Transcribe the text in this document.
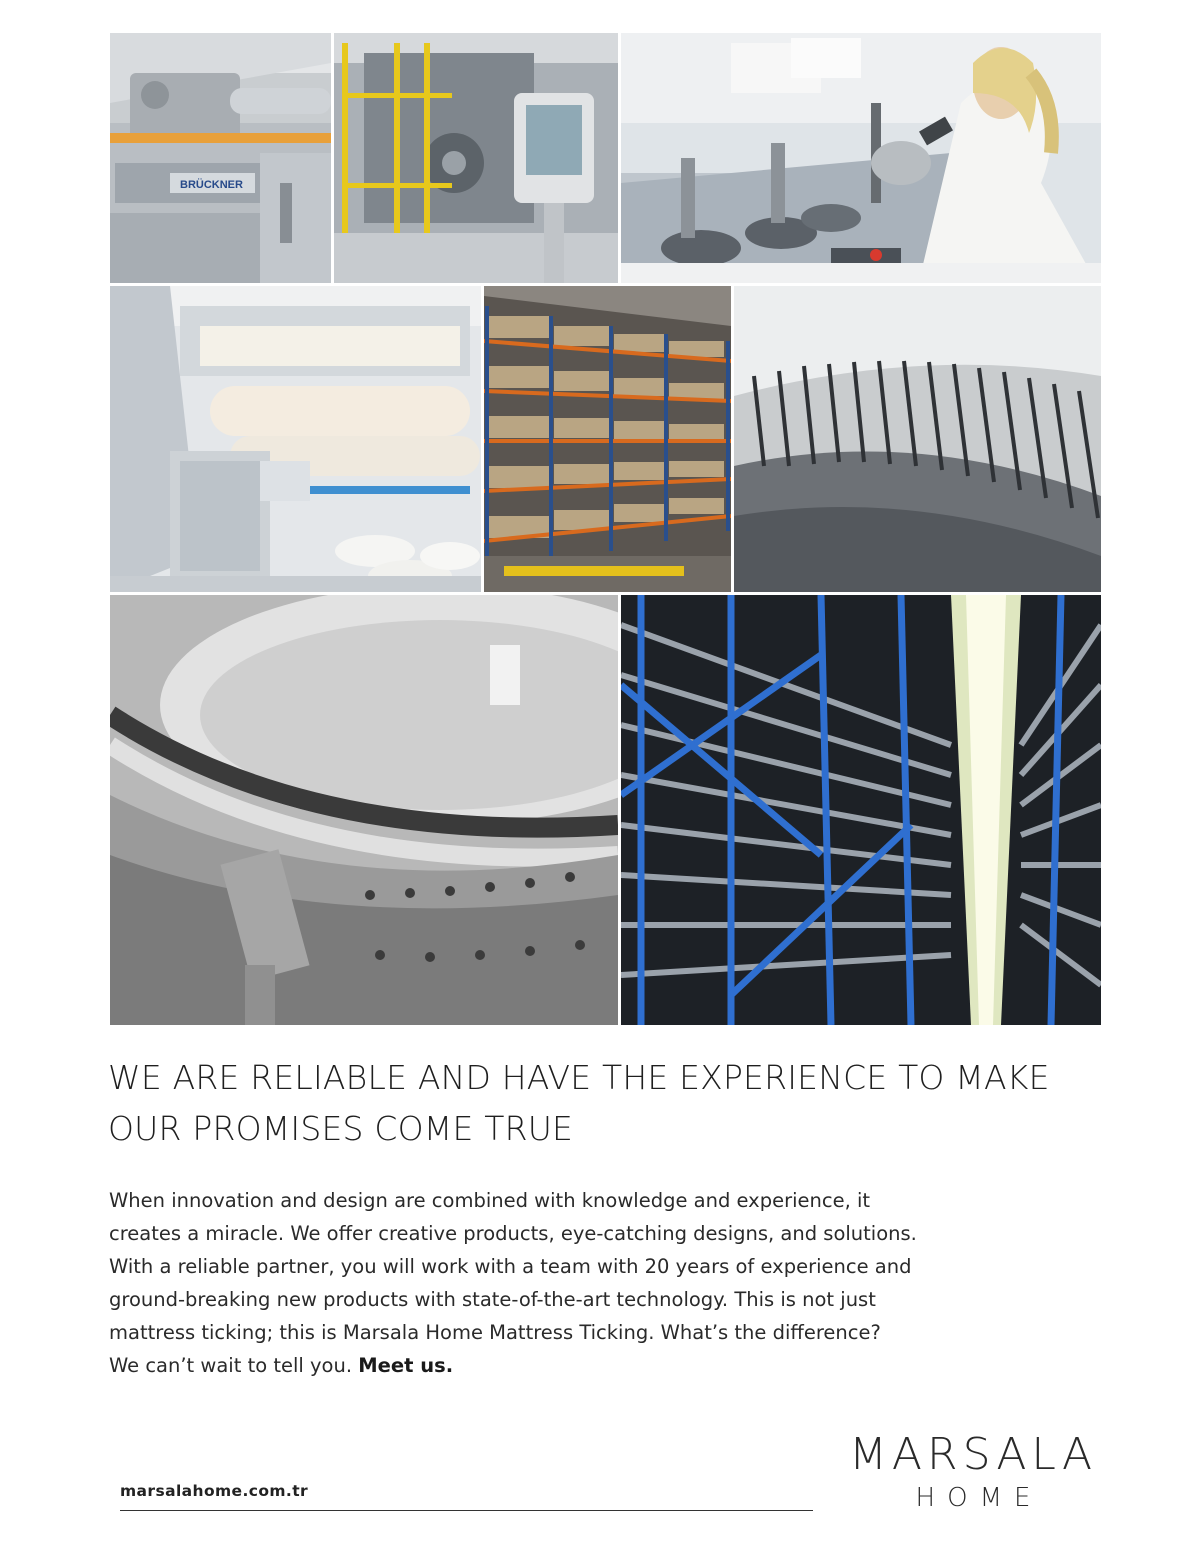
BRÜCKNER
WE ARE RELIABLE AND HAVE THE EXPERIENCE TO MAKE
OUR PROMISES COME TRUE

When innovation and design are combined with knowledge and experience, it
creates a miracle. We offer creative products, eye-catching designs, and solutions.
With a reliable partner, you will work with a team with 20 years of experience and
ground-breaking new products with state-of-the-art technology. This is not just
mattress ticking; this is Marsala Home Mattress Ticking. What’s the difference?
We can’t wait to tell you. Meet us.

marsalahome.com.tr
MARSALA
HOME
